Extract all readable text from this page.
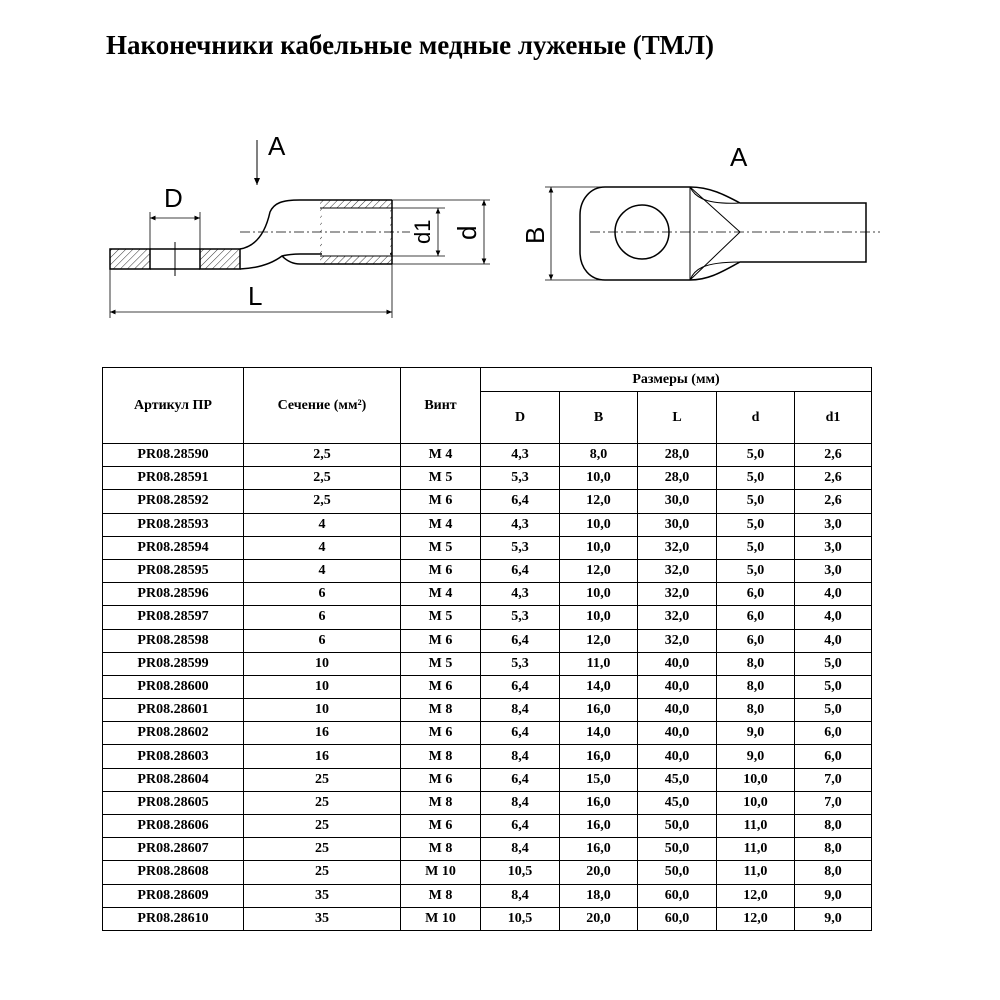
Наконечники кабельные медные луженые (ТМЛ)
A
D
L
d1 d
A
B
Артикул ПР	Сечение (мм²)	Винт	Размеры (мм)				
			D	B	L	d	d1
PR08.28590	2,5	М 4	4,3	8,0	28,0	5,0	2,6
PR08.28591	2,5	М 5	5,3	10,0	28,0	5,0	2,6
PR08.28592	2,5	М 6	6,4	12,0	30,0	5,0	2,6
PR08.28593	4	М 4	4,3	10,0	30,0	5,0	3,0
PR08.28594	4	М 5	5,3	10,0	32,0	5,0	3,0
PR08.28595	4	М 6	6,4	12,0	32,0	5,0	3,0
PR08.28596	6	М 4	4,3	10,0	32,0	6,0	4,0
PR08.28597	6	М 5	5,3	10,0	32,0	6,0	4,0
PR08.28598	6	М 6	6,4	12,0	32,0	6,0	4,0
PR08.28599	10	М 5	5,3	11,0	40,0	8,0	5,0
PR08.28600	10	М 6	6,4	14,0	40,0	8,0	5,0
PR08.28601	10	М 8	8,4	16,0	40,0	8,0	5,0
PR08.28602	16	М 6	6,4	14,0	40,0	9,0	6,0
PR08.28603	16	М 8	8,4	16,0	40,0	9,0	6,0
PR08.28604	25	М 6	6,4	15,0	45,0	10,0	7,0
PR08.28605	25	М 8	8,4	16,0	45,0	10,0	7,0
PR08.28606	25	М 6	6,4	16,0	50,0	11,0	8,0
PR08.28607	25	М 8	8,4	16,0	50,0	11,0	8,0
PR08.28608	25	М 10	10,5	20,0	50,0	11,0	8,0
PR08.28609	35	М 8	8,4	18,0	60,0	12,0	9,0
PR08.28610	35	М 10	10,5	20,0	60,0	12,0	9,0
